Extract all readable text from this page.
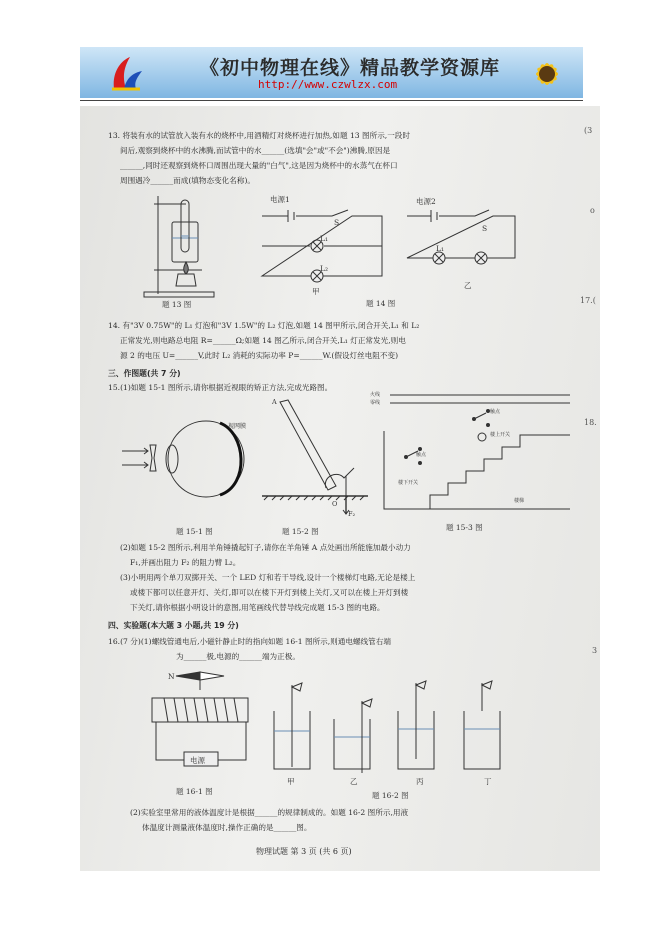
《初中物理在线》精品教学资源库
http://www.czwlzx.com
(3
o
17.(
18.
3
13. 将装有水的试管放入装有水的烧杯中,用酒精灯对烧杯进行加热,如题 13 图所示,一段时
间后,观察到烧杯中的水沸腾,而试管中的水______(选填"会"或"不会")沸腾,原因是
______,同时还观察到烧杯口周围出现大量的"白气",这是因为烧杯中的水蒸气在杯口
周围遇冷______而成(填物态变化名称)。
题 13 图
电源1
S
L₁
L₂
甲
电源2
S
L₁
乙
题 14 图
14. 有"3V 0.75W"的 L₁ 灯泡和"3V 1.5W"的 L₂ 灯泡,如题 14 图甲所示,闭合开关,L₁ 和 L₂
正常发光,则电路总电阻 R=______Ω;如题 14 图乙所示,闭合开关,L₁ 灯正常发光,则电
源 2 的电压 U=______V,此时 L₂ 消耗的实际功率 P=______W.(假设灯丝电阻不变)
三、作图题(共 7 分)
15.(1)如题 15-1 图所示,请你根据近视眼的矫正方法,完成光路图。
视网膜
题 15-1 图
A
O
F₂
题 15-2 图
火线
零线
触点
楼上开关
触点
楼下开关
楼梯
题 15-3 图
(2)如题 15-2 图所示,利用羊角锤撬起钉子,请你在羊角锤 A 点处画出所能施加最小动力
F₁,并画出阻力 F₂ 的阻力臂 L₂。
(3)小明用两个单刀双掷开关、一个 LED 灯和若干导线,设计一个楼梯灯电路,无论是楼上
或楼下都可以任意开灯、关灯,即可以在楼下开灯到楼上关灯,又可以在楼上开灯到楼
下关灯,请你根据小明设计的意图,用笔画线代替导线完成题 15-3 图的电路。
四、实验题(本大题 3 小题,共 19 分)
16.(7 分)(1)螺线管通电后,小磁针静止时的指向如题 16-1 图所示,则通电螺线管右端
为______极,电源的______端为正极。
N
电源
题 16-1 图
甲	乙	丙	丁
题 16-2 图
(2)实验室里常用的液体温度计是根据______的规律制成的。如题 16-2 图所示,用液
体温度计测量液体温度时,操作正确的是______图。
物理试题 第 3 页 (共 6 页)
